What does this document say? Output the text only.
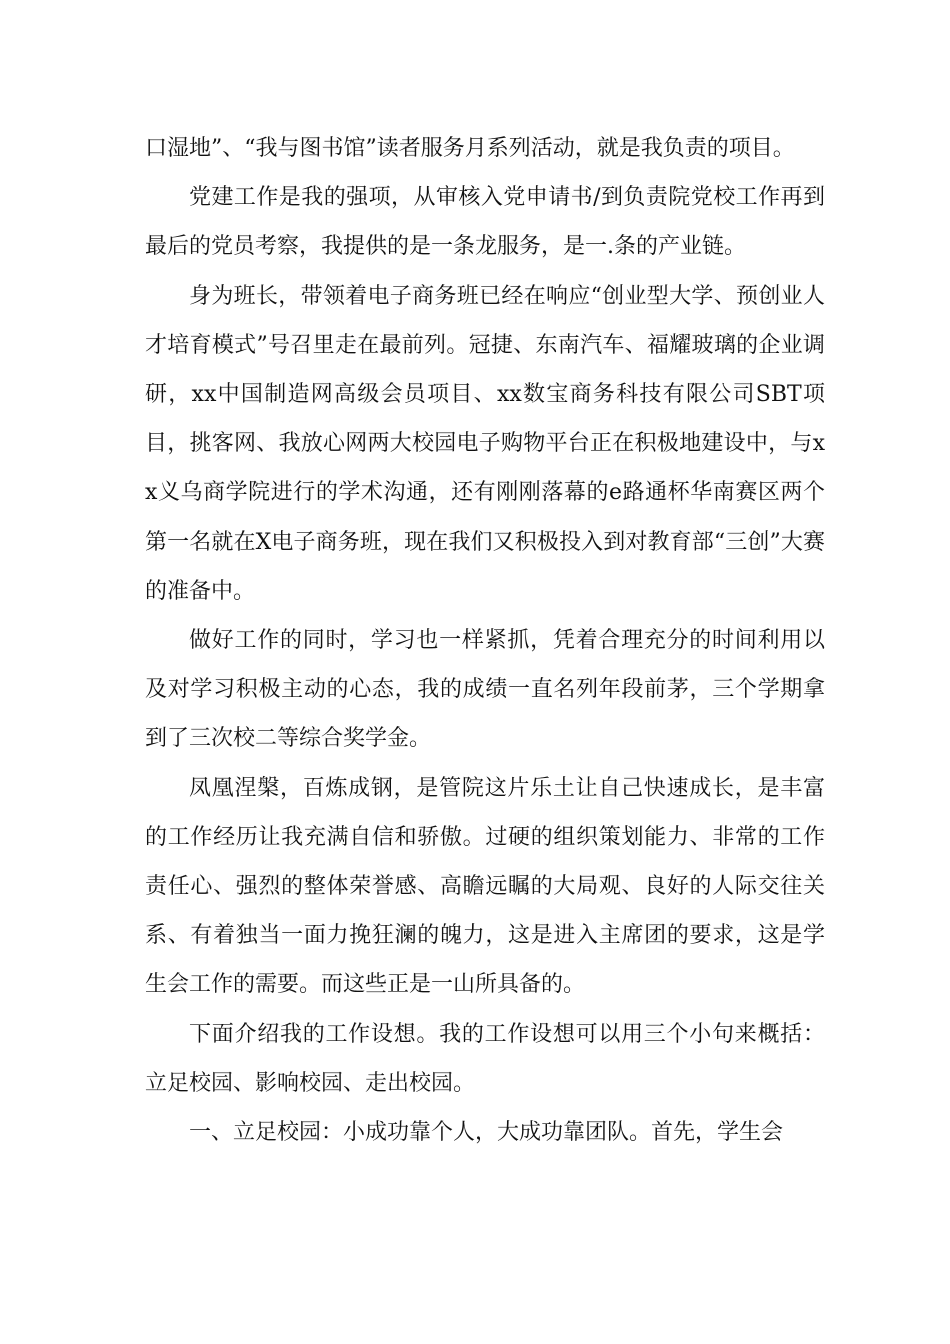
口湿地”、“我与图书馆”读者服务月系列活动，就是我负责的项目。

党建工作是我的强项，从审核入党申请书/到负责院党校工作再到最后的党员考察，我提供的是一条龙服务，是一.条的产业链。

身为班长，带领着电子商务班已经在响应“创业型大学、预创业人才培育模式”号召里走在最前列。冠捷、东南汽车、福耀玻璃的企业调研，xx中国制造网高级会员项目、xx数宝商务科技有限公司SBT项目，挑客网、我放心网两大校园电子购物平台正在积极地建设中，与xx义乌商学院进行的学术沟通，还有刚刚落幕的e路通杯华南赛区两个第一名就在X电子商务班，现在我们又积极投入到对教育部“三创”大赛的准备中。

做好工作的同时，学习也一样紧抓，凭着合理充分的时间利用以及对学习积极主动的心态，我的成绩一直名列年段前茅，三个学期拿到了三次校二等综合奖学金。

凤凰涅槃，百炼成钢，是管院这片乐土让自己快速成长，是丰富的工作经历让我充满自信和骄傲。过硬的组织策划能力、非常的工作责任心、强烈的整体荣誉感、高瞻远瞩的大局观、良好的人际交往关系、有着独当一面力挽狂澜的魄力，这是进入主席团的要求，这是学生会工作的需要。而这些正是一山所具备的。

下面介绍我的工作设想。我的工作设想可以用三个小句来概括：立足校园、影响校园、走出校园。

一、立足校园：小成功靠个人，大成功靠团队。首先，学生会
